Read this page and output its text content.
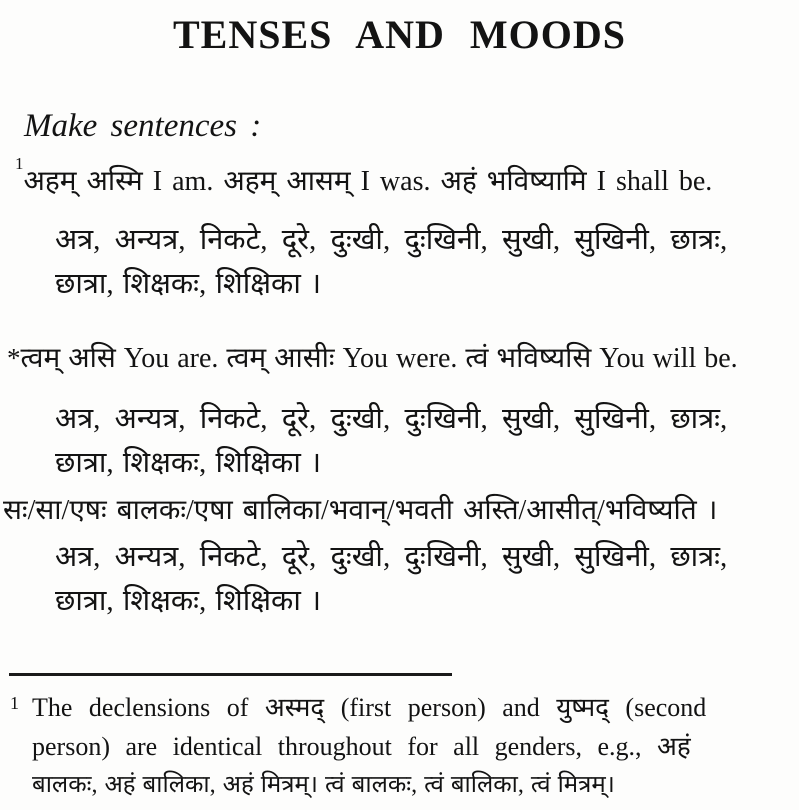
TENSES AND MOODS
Make sentences :

$^1$अहम् अस्मि I am. अहम् आसम् I was. अहं भविष्यामि I shall be.

अत्र, अन्यत्र, निकटे, दूरे, दुःखी, दुःखिनी, सुखी, सुखिनी, छात्रः,

छात्रा, शिक्षकः, शिक्षिका ।

*त्वम् असि You are. त्वम् आसीः You were. त्वं भविष्यसि You will be.

अत्र, अन्यत्र, निकटे, दूरे, दुःखी, दुःखिनी, सुखी, सुखिनी, छात्रः,

छात्रा, शिक्षकः, शिक्षिका ।

सः/सा/एषः बालकः/एषा बालिका/भवान्/भवती अस्ति/आसीत्/भविष्यति ।

अत्र, अन्यत्र, निकटे, दूरे, दुःखी, दुःखिनी, सुखी, सुखिनी, छात्रः,

छात्रा, शिक्षकः, शिक्षिका ।

1 The declensions of अस्मद् (first person) and युष्मद् (second

person) are identical throughout for all genders, e.g., अहं

बालकः, अहं बालिका, अहं मित्रम्। त्वं बालकः, त्वं बालिका, त्वं मित्रम्।
